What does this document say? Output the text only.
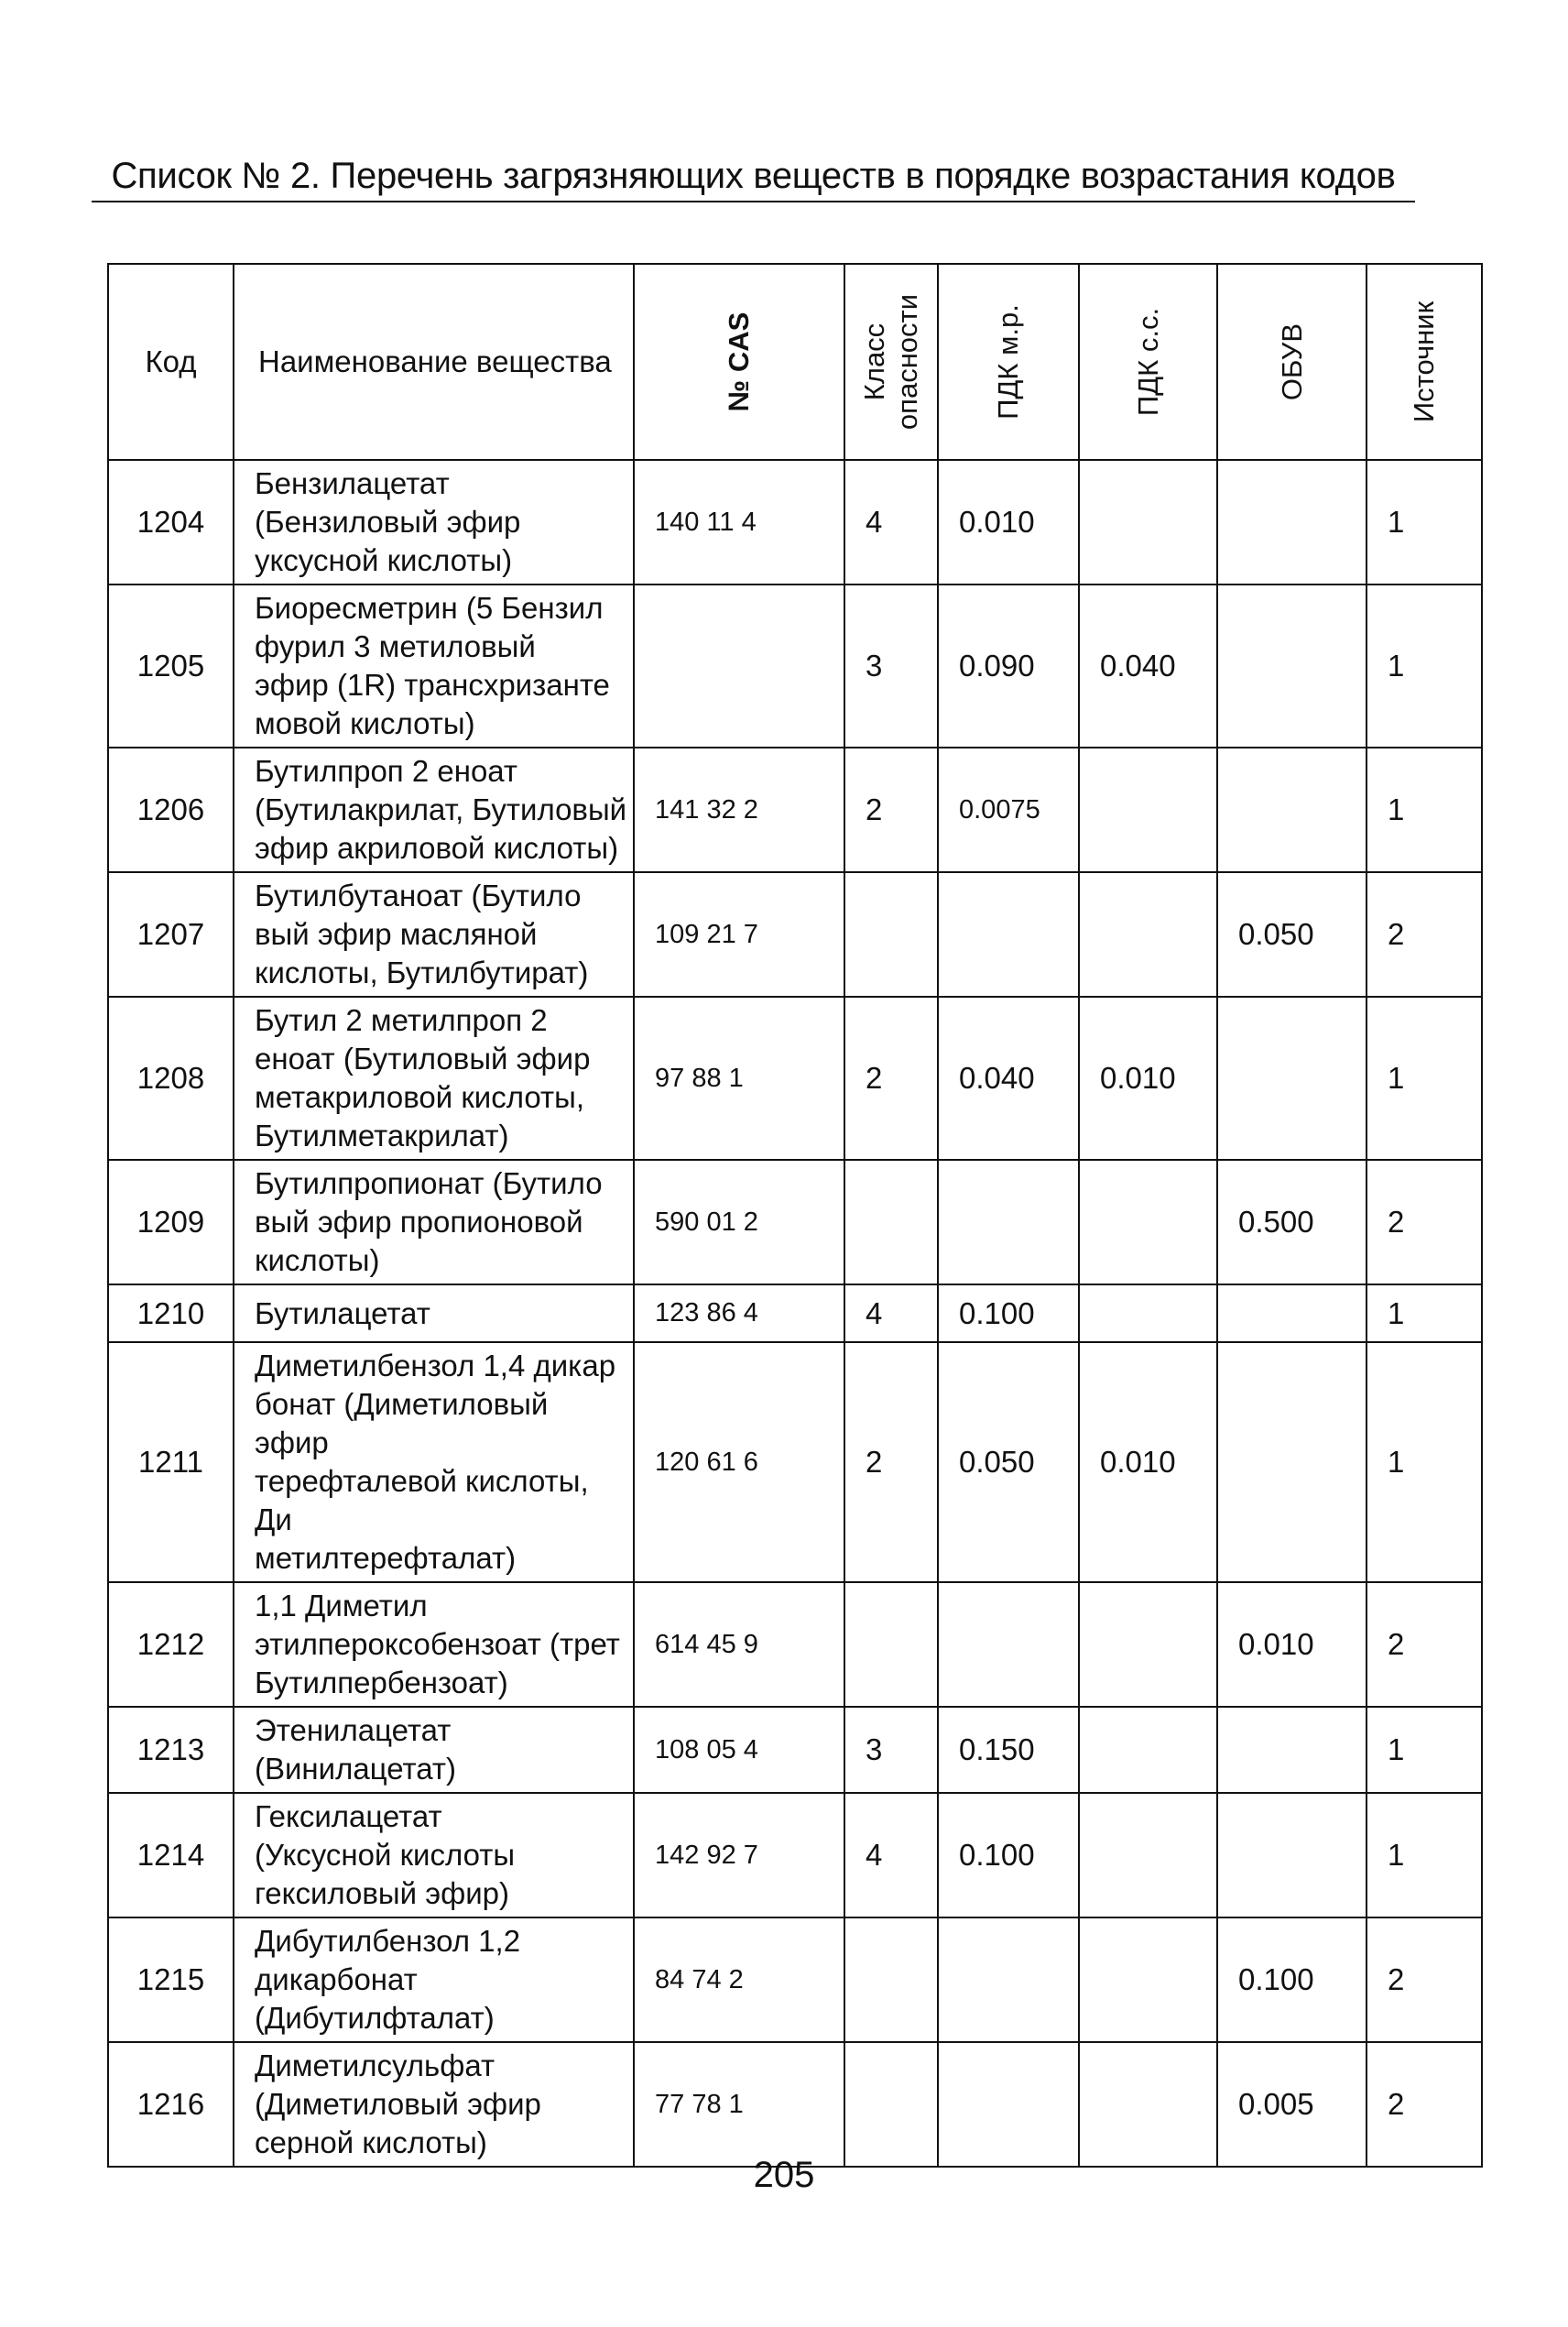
Список № 2. Перечень загрязняющих веществ в порядке возрастания кодов
Код	Наименование вещества	№ CAS	Класс
опасности	ПДК м.р.	ПДК с.с.	ОБУВ	Источник

1204	Бензилацетат
(Бензиловый эфир
уксусной кислоты)	140 11 4	4	0.010			1
1205	Биоресметрин (5 Бензил
фурил 3 метиловый
эфир (1R) трансхризанте
мовой кислоты)		3	0.090	0.040		1
1206	Бутилпроп 2 еноат
(Бутилакрилат, Бутиловый
эфир акриловой кислоты)	141 32 2	2	0.0075			1
1207	Бутилбутаноат (Бутило
вый эфир масляной
кислоты, Бутилбутират)	109 21 7				0.050	2
1208	Бутил 2 метилпроп 2
еноат (Бутиловый эфир
метакриловой кислоты,
Бутилметакрилат)	97 88 1	2	0.040	0.010		1
1209	Бутилпропионат (Бутило
вый эфир пропионовой
кислоты)	590 01 2				0.500	2
1210	Бутилацетат	123 86 4	4	0.100			1
1211	Диметилбензол 1,4 дикар
бонат (Диметиловый эфир
терефталевой кислоты, Ди
метилтерефталат)	120 61 6	2	0.050	0.010		1
1212	1,1 Диметил
этилпероксобензоат (трет
Бутилпербензоат)	614 45 9				0.010	2
1213	Этенилацетат
(Винилацетат)	108 05 4	3	0.150			1
1214	Гексилацетат
(Уксусной кислоты
гексиловый эфир)	142 92 7	4	0.100			1
1215	Дибутилбензол 1,2
дикарбонат
(Дибутилфталат)	84 74 2				0.100	2
1216	Диметилсульфат
(Диметиловый эфир
серной кислоты)	77 78 1				0.005	2
205
